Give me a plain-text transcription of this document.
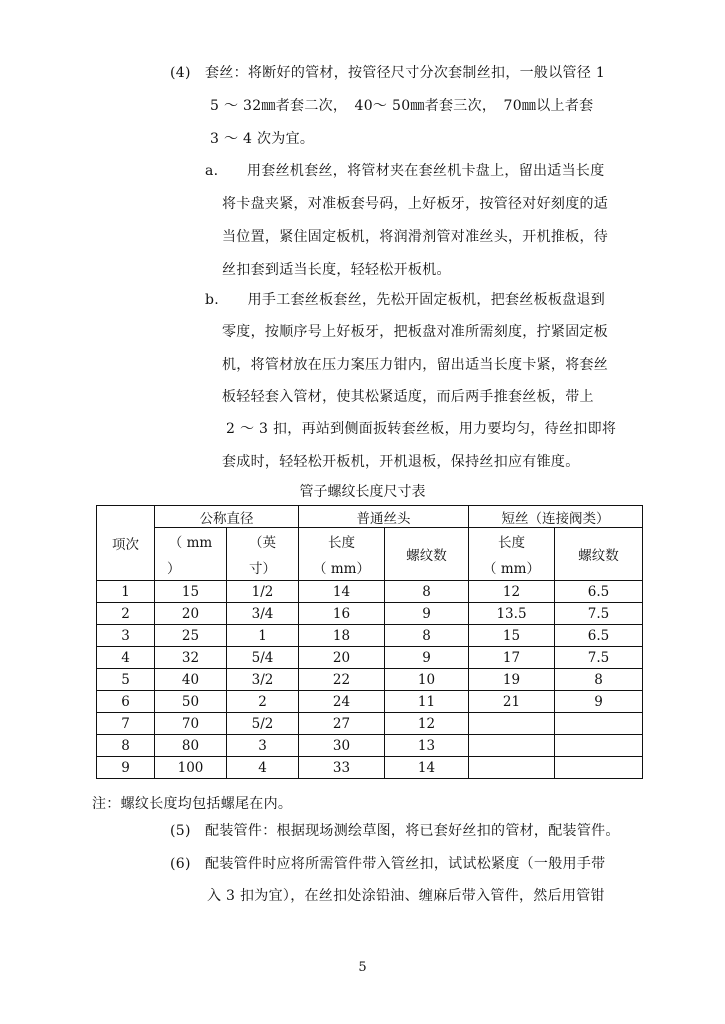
(4)　套丝：将断好的管材，按管径尺寸分次套制丝扣，一般以管径 1
5 ～ 32㎜者套二次，　40～ 50㎜者套三次，　70㎜以上者套
3 ～ 4 次为宜。
a.　　用套丝机套丝，将管材夹在套丝机卡盘上，留出适当长度
将卡盘夹紧，对准板套号码，上好板牙，按管径对好刻度的适
当位置，紧住固定板机，将润滑剂管对准丝头，开机推板，待
丝扣套到适当长度，轻轻松开板机。
b.　　用手工套丝板套丝，先松开固定板机，把套丝板板盘退到
零度，按顺序号上好板牙，把板盘对准所需刻度，拧紧固定板
机，将管材放在压力案压力钳内，留出适当长度卡紧，将套丝
板轻轻套入管材，使其松紧适度，而后两手推套丝板，带上
2 ～ 3 扣，再站到侧面扳转套丝板，用力要均匀，待丝扣即将
套成时，轻轻松开板机，开机退板，保持丝扣应有锥度。
管子螺纹长度尺寸表
项次	公称直径		普通丝头		短丝（连接阀类）	
	（ mm	（英	长度	螺纹数	长度	螺纹数
	）	寸）	（ mm）		（ mm）	
1	15	1/2	14	8	12	6.5
2	20	3/4	16	9	13.5	7.5
3	25	1	18	8	15	6.5
4	32	5/4	20	9	17	7.5
5	40	3/2	22	10	19	8
6	50	2	24	11	21	9
7	70	5/2	27	12		
8	80	3	30	13		
9	100	4	33	14		
注：螺纹长度均包括螺尾在内。
(5)　配装管件：根据现场测绘草图，将已套好丝扣的管材，配装管件。
(6)　配装管件时应将所需管件带入管丝扣，试试松紧度（一般用手带
入 3 扣为宜），在丝扣处涂铅油、缠麻后带入管件，然后用管钳
5
